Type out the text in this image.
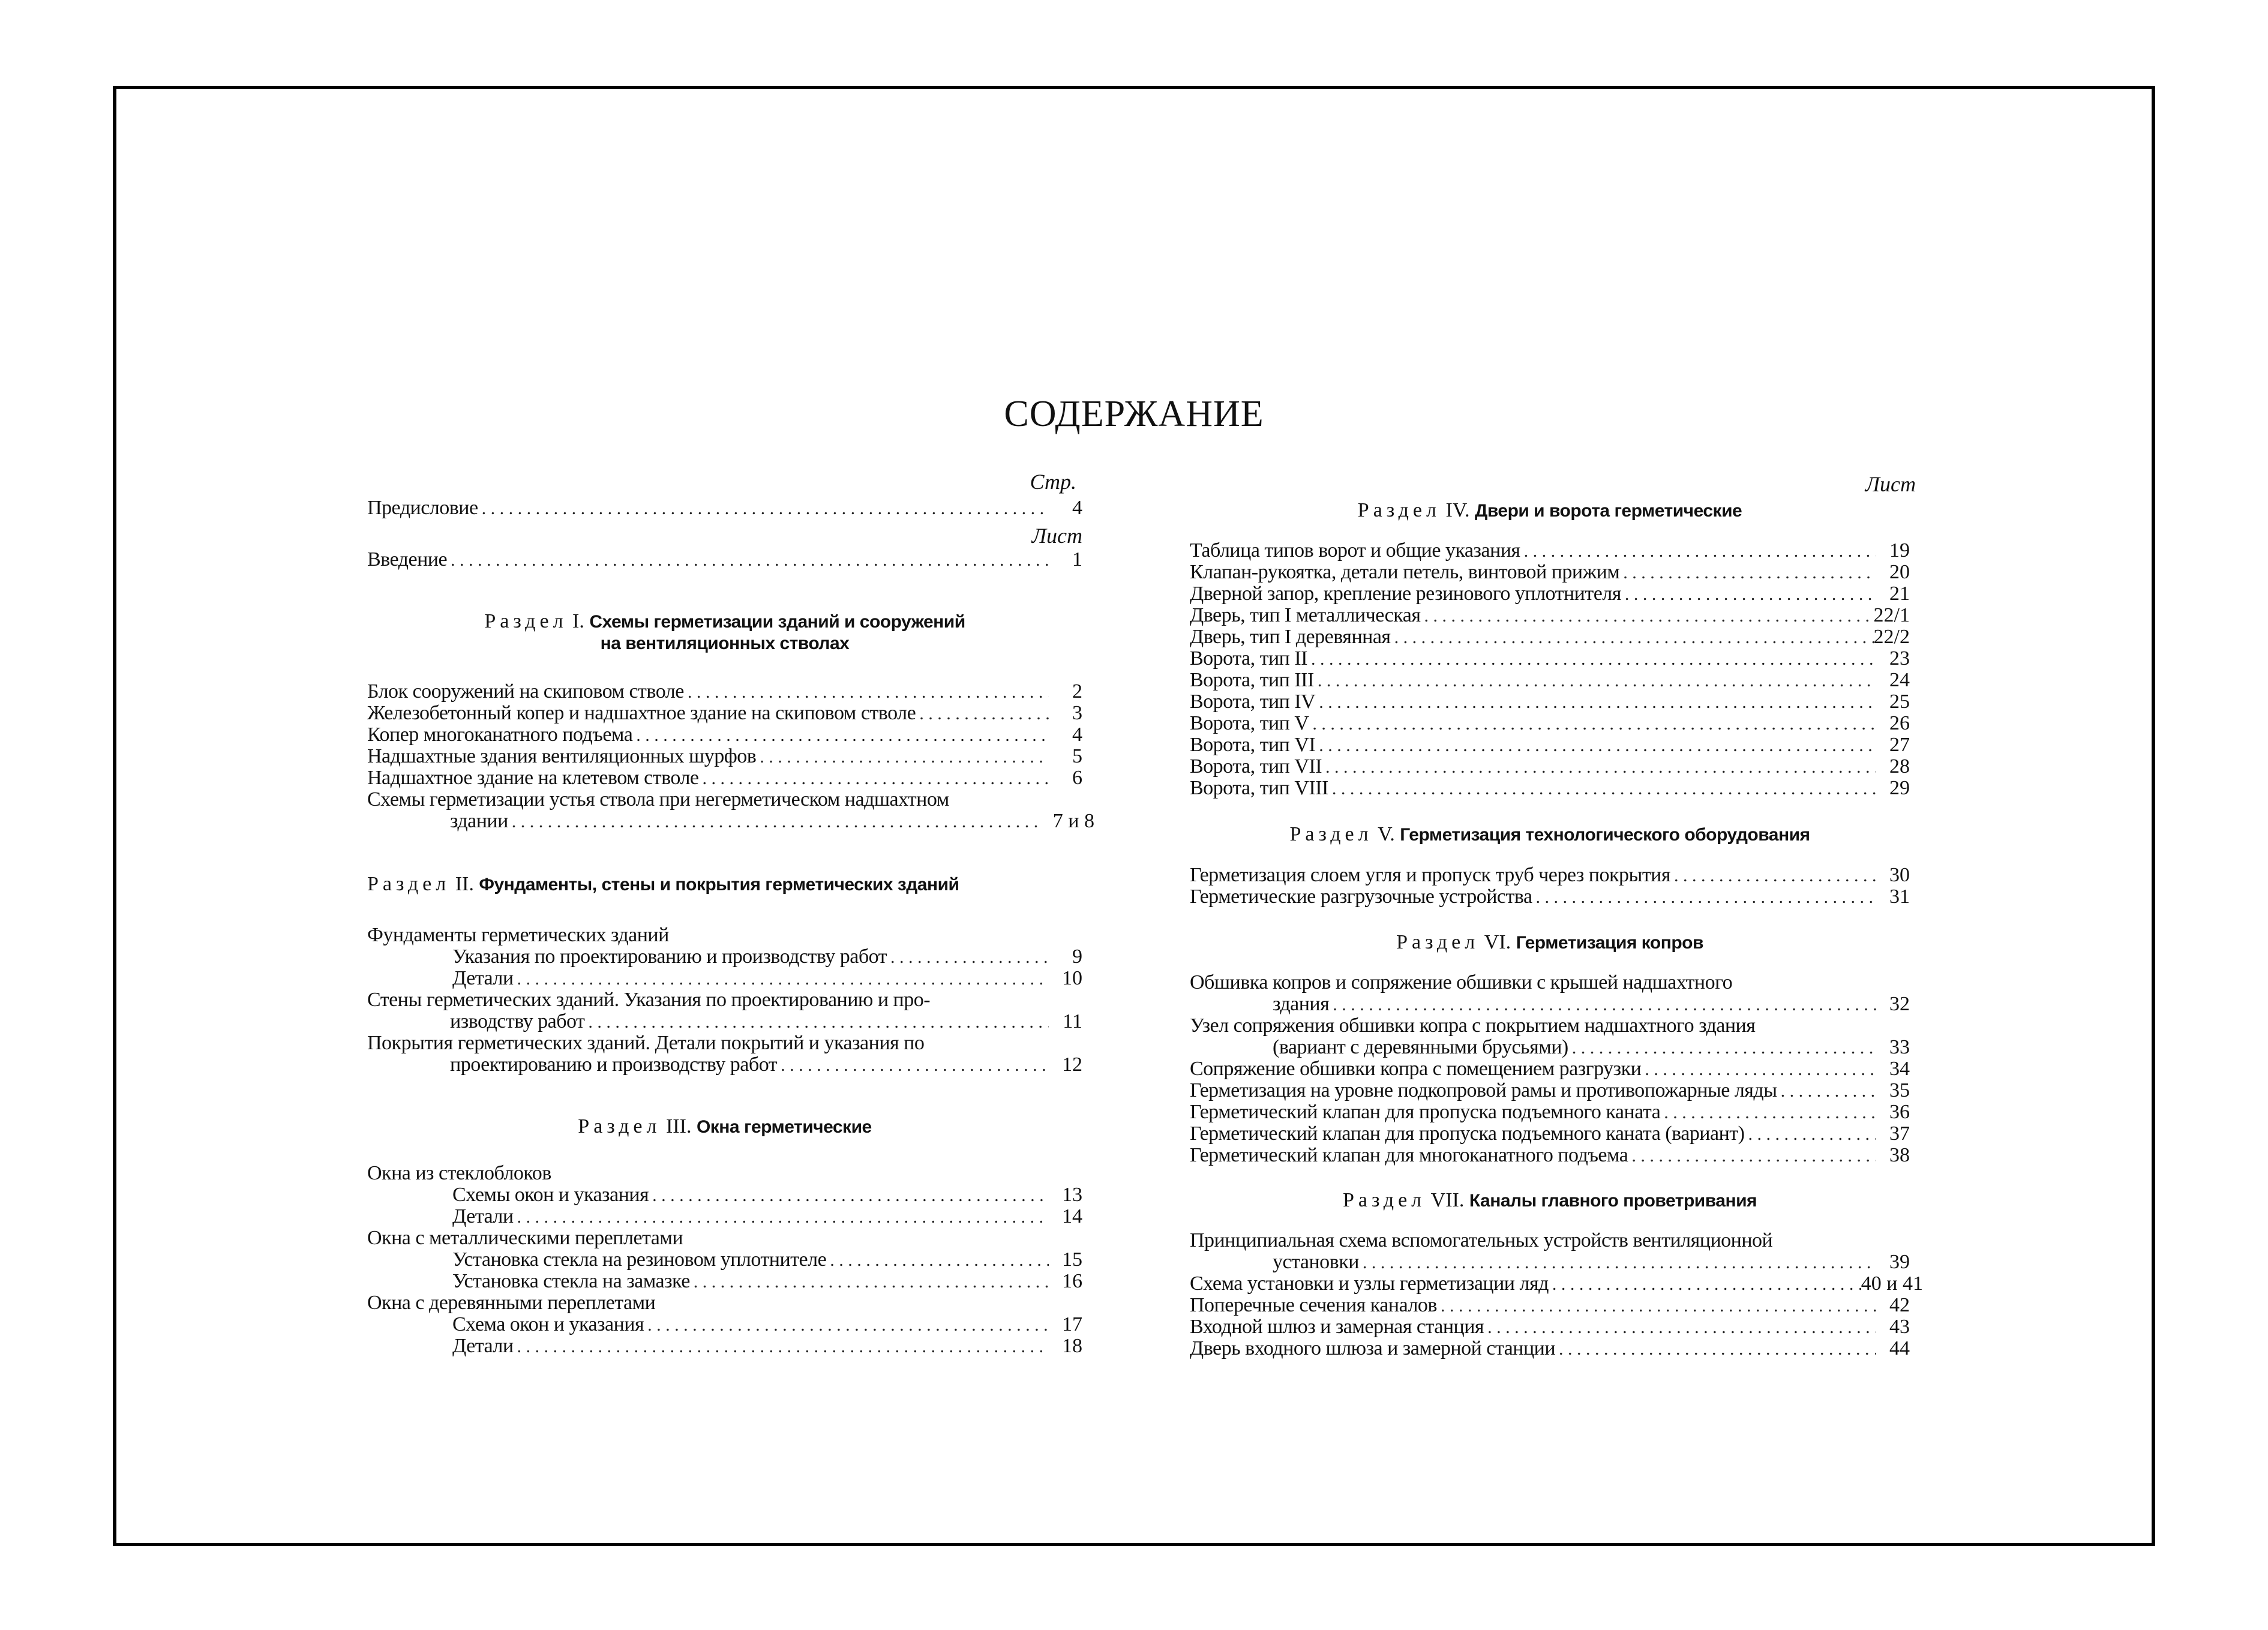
СОДЕРЖАНИЕ
Стр.
Предисловие . . .	4
Лист
Введение . . .	1
Раздел I. Схемы герметизации зданий и сооружений
на вентиляционных стволах
Блок сооружений на скиповом стволе . . .	2
Железобетонный копер и надшахтное здание на скиповом стволе . . .	3
Копер многоканатного подъема . . .	4
Надшахтные здания вентиляционных шурфов . . .	5
Надшахтное здание на клетевом стволе . . .	6
Схемы герметизации устья ствола при негерметическом надшахтном
здании . . .	7 и 8
Раздел II. Фундаменты, стены и покрытия герметических зданий
Фундаменты герметических зданий
Указания по проектированию и производству работ . . .	9
Детали . . .	10
Стены герметических зданий. Указания по проектированию и про-
изводству работ . . .	11
Покрытия герметических зданий. Детали покрытий и указания по
проектированию и производству работ . . .	12
Раздел III. Окна герметические
Окна из стеклоблоков
Схемы окон и указания . . .	13
Детали . . .	14
Окна с металлическими переплетами
Установка стекла на резиновом уплотнителе . . .	15
Установка стекла на замазке . . .	16
Окна с деревянными переплетами
Схема окон и указания . . .	17
Детали . . .	18
Лист
Раздел IV. Двери и ворота герметические
Таблица типов ворот и общие указания . . .	19
Клапан-рукоятка, детали петель, винтовой прижим . . .	20
Дверной запор, крепление резинового уплотнителя . . .	21
Дверь, тип I металлическая . . .	22/1
Дверь, тип I деревянная . . .	22/2
Ворота, тип II . . .	23
Ворота, тип III . . .	24
Ворота, тип IV . . .	25
Ворота, тип V . . .	26
Ворота, тип VI . . .	27
Ворота, тип VII . . .	28
Ворота, тип VIII . . .	29
Раздел V. Герметизация технологического оборудования
Герметизация слоем угля и пропуск труб через покрытия . . .	30
Герметические разгрузочные устройства . . .	31
Раздел VI. Герметизация копров
Обшивка копров и сопряжение обшивки с крышей надшахтного
здания . . .	32
Узел сопряжения обшивки копра с покрытием надшахтного здания
(вариант с деревянными брусьями) . . .	33
Сопряжение обшивки копра с помещением разгрузки . . .	34
Герметизация на уровне подкопровой рамы и противопожарные ляды . . .	35
Герметический клапан для пропуска подъемного каната . . .	36
Герметический клапан для пропуска подъемного каната (вариант) . . .	37
Герметический клапан для многоканатного подъема . . .	38
Раздел VII. Каналы главного проветривания
Принципиальная схема вспомогательных устройств вентиляционной
установки . . .	39
Схема установки и узлы герметизации ляд . . .	40 и 41
Поперечные сечения каналов . . .	42
Входной шлюз и замерная станция . . .	43
Дверь входного шлюза и замерной станции . . .	44
